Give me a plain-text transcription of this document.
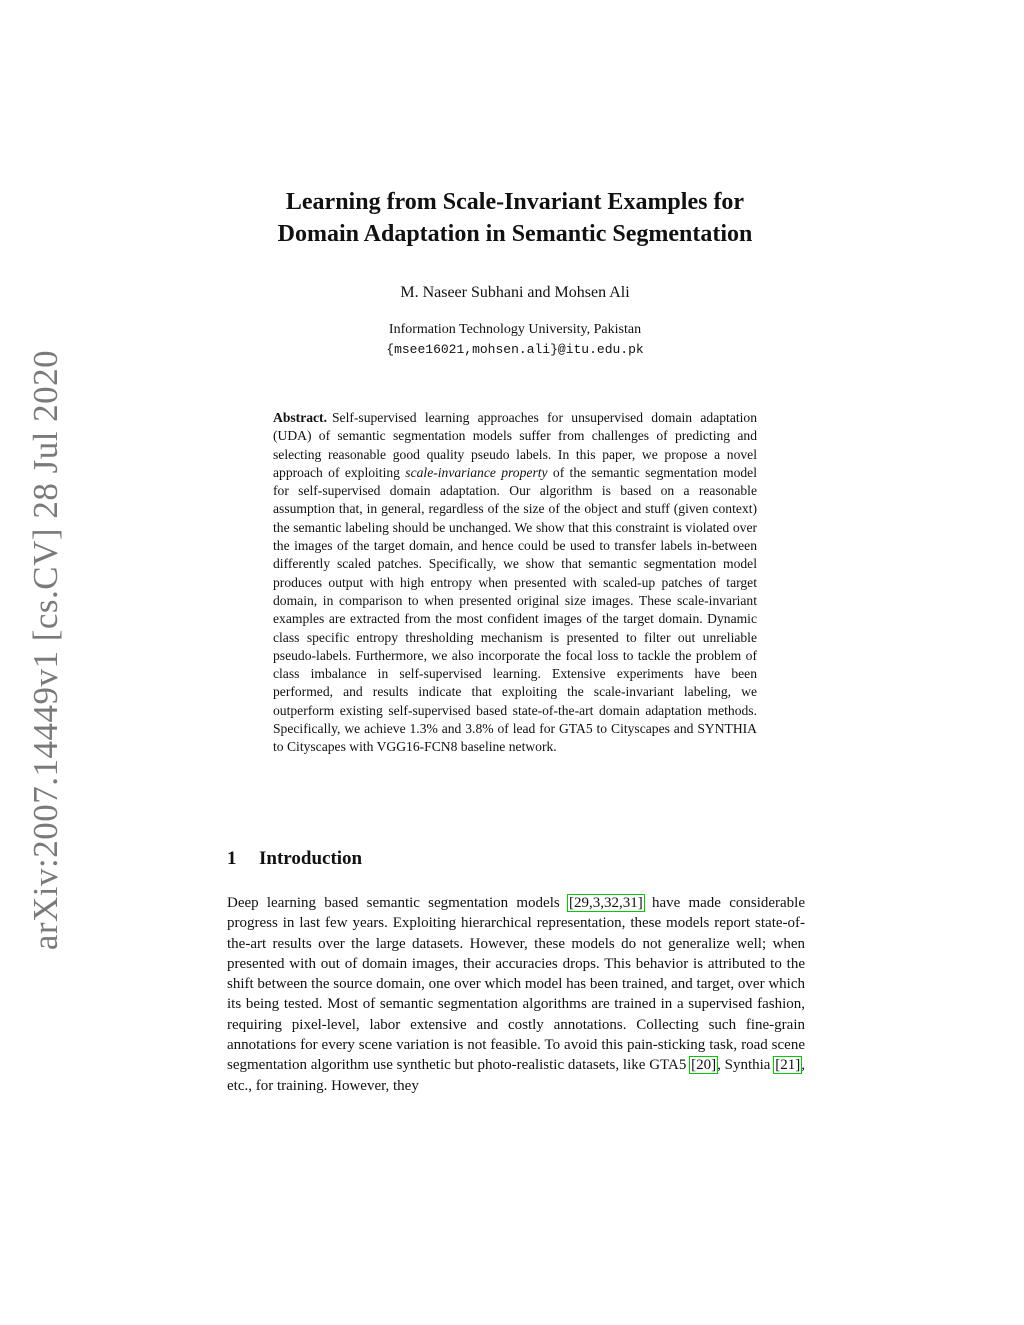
arXiv:2007.14449v1 [cs.CV] 28 Jul 2020
Learning from Scale-Invariant Examples for
Domain Adaptation in Semantic Segmentation
M. Naseer Subhani and Mohsen Ali
Information Technology University, Pakistan
{msee16021,mohsen.ali}@itu.edu.pk
Abstract. Self-supervised learning approaches for unsupervised domain adaptation (UDA) of semantic segmentation models suffer from challenges of predicting and selecting reasonable good quality pseudo labels. In this paper, we propose a novel approach of exploiting scale-invariance property of the semantic segmentation model for self-supervised domain adaptation. Our algorithm is based on a reasonable assumption that, in general, regardless of the size of the object and stuff (given context) the semantic labeling should be unchanged. We show that this constraint is violated over the images of the target domain, and hence could be used to transfer labels in-between differently scaled patches. Specifically, we show that semantic segmentation model produces output with high entropy when presented with scaled-up patches of target domain, in comparison to when presented original size images. These scale-invariant examples are extracted from the most confident images of the target domain. Dynamic class specific entropy thresholding mechanism is presented to filter out unreliable pseudo-labels. Furthermore, we also incorporate the focal loss to tackle the problem of class imbalance in self-supervised learning. Extensive experiments have been performed, and results indicate that exploiting the scale-invariant labeling, we outperform existing self-supervised based state-of-the-art domain adaptation methods. Specifically, we achieve 1.3% and 3.8% of lead for GTA5 to Cityscapes and SYNTHIA to Cityscapes with VGG16-FCN8 baseline network.
1 Introduction
Deep learning based semantic segmentation models [29,3,32,31] have made considerable progress in last few years. Exploiting hierarchical representation, these models report state-of-the-art results over the large datasets. However, these models do not generalize well; when presented with out of domain images, their accuracies drops. This behavior is attributed to the shift between the source domain, one over which model has been trained, and target, over which its being tested. Most of semantic segmentation algorithms are trained in a supervised fashion, requiring pixel-level, labor extensive and costly annotations. Collecting such fine-grain annotations for every scene variation is not feasible. To avoid this pain-sticking task, road scene segmentation algorithm use synthetic but photo-realistic datasets, like GTA5 [20], Synthia [21], etc., for training. However, they
